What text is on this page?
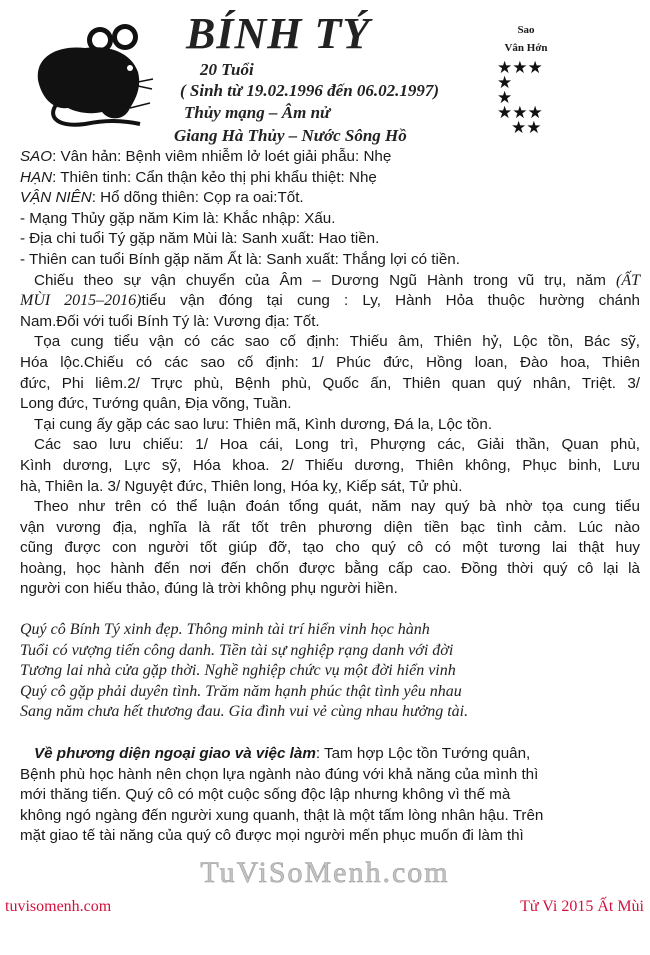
TuViSoMenh.com
BÍNH TÝ
20 Tuổi
( Sinh từ 19.02.1996 đến 06.02.1997)
Thủy mạng – Âm nử
Giang Hà Thủy – Nước Sông Hồ
Sao
Vân Hớn
★★★
★
★
★★★
★★
SAO: Vân hản: Bệnh viêm nhiễm lở loét giải phẫu: Nhẹ
HẠN: Thiên tinh: Cẩn thận kẻo thị phi khẩu thiệt: Nhẹ
VẬN NIÊN: Hổ dõng thiên: Cọp ra oai:Tốt.
- Mạng Thủy gặp năm Kim là: Khắc nhập: Xấu.
- Địa chi tuổi Tý gặp năm Mùi là: Sanh xuất: Hao tiền.
- Thiên can tuổi Bính gặp năm Ất là: Sanh xuất: Thắng lợi có tiền.
Chiếu theo sự vận chuyển của Âm – Dương Ngũ Hành trong vũ trụ, năm (ẤT
MÙI 2015–2016)tiểu vận đóng tại cung : Ly, Hành Hỏa thuộc hường chánh
Nam.Đối với tuổi Bính Tý là: Vương địa: Tốt.
Tọa cung tiểu vận có các sao cố định: Thiếu âm, Thiên hỷ, Lộc tồn, Bác sỹ,
Hóa lộc.Chiếu có các sao cố định: 1/ Phúc đức, Hồng loan, Đào hoa, Thiên
đức, Phi liêm.2/ Trực phù, Bệnh phù, Quốc ấn, Thiên quan quý nhân, Triệt. 3/
Long đức, Tướng quân, Địa võng, Tuần.
Tại cung ấy gặp các sao lưu: Thiên mã, Kình dương, Đá la, Lộc tồn.
Các sao lưu chiếu: 1/ Hoa cái, Long trì, Phượng các, Giải thần, Quan phù,
Kình dương, Lực sỹ, Hóa khoa. 2/ Thiếu dương, Thiên không, Phục binh, Lưu
hà, Thiên la. 3/ Nguyệt đức, Thiên long, Hóa kỵ, Kiếp sát, Tử phù.
Theo như trên có thể luận đoán tổng quát, năm nay quý bà nhờ tọa cung tiểu
vận vương địa, nghĩa là rất tốt trên phương diện tiền bạc tình cảm. Lúc nào
cũng được con người tốt giúp đỡ, tạo cho quý cô có một tương lai thật huy
hoàng, học hành đến nơi đến chốn được bằng cấp cao. Đồng thời quý cô lại là
người con hiếu thảo, đúng là trời không phụ người hiền.
Quý cô Bính Tý xinh đẹp. Thông minh tài trí hiển vinh học hành
Tuổi có vượng tiến công danh. Tiền tài sự nghiệp rạng danh với đời
Tương lai nhà cửa gặp thời. Nghề nghiệp chức vụ một đời hiển vinh
Quý cô gặp phải duyên tình. Trăm năm hạnh phúc thật tình yêu nhau
Sang năm chưa hết thương đau. Gia đình vui vẻ cùng nhau hưởng tài.
Về phương diện ngoại giao và việc làm: Tam hợp Lộc tồn Tướng quân,
Bệnh phù học hành nên chọn lựa ngành nào đúng với khả năng của mình thì
mới thăng tiến. Quý cô có một cuộc sống độc lập nhưng không vì thế mà
không ngó ngàng đến người xung quanh, thật là một tấm lòng nhân hậu. Trên
mặt giao tế tài năng của quý cô được mọi người mến phục muốn đi làm thì
tuvisomenh.com	Tử Vi 2015 Ất Mùi
